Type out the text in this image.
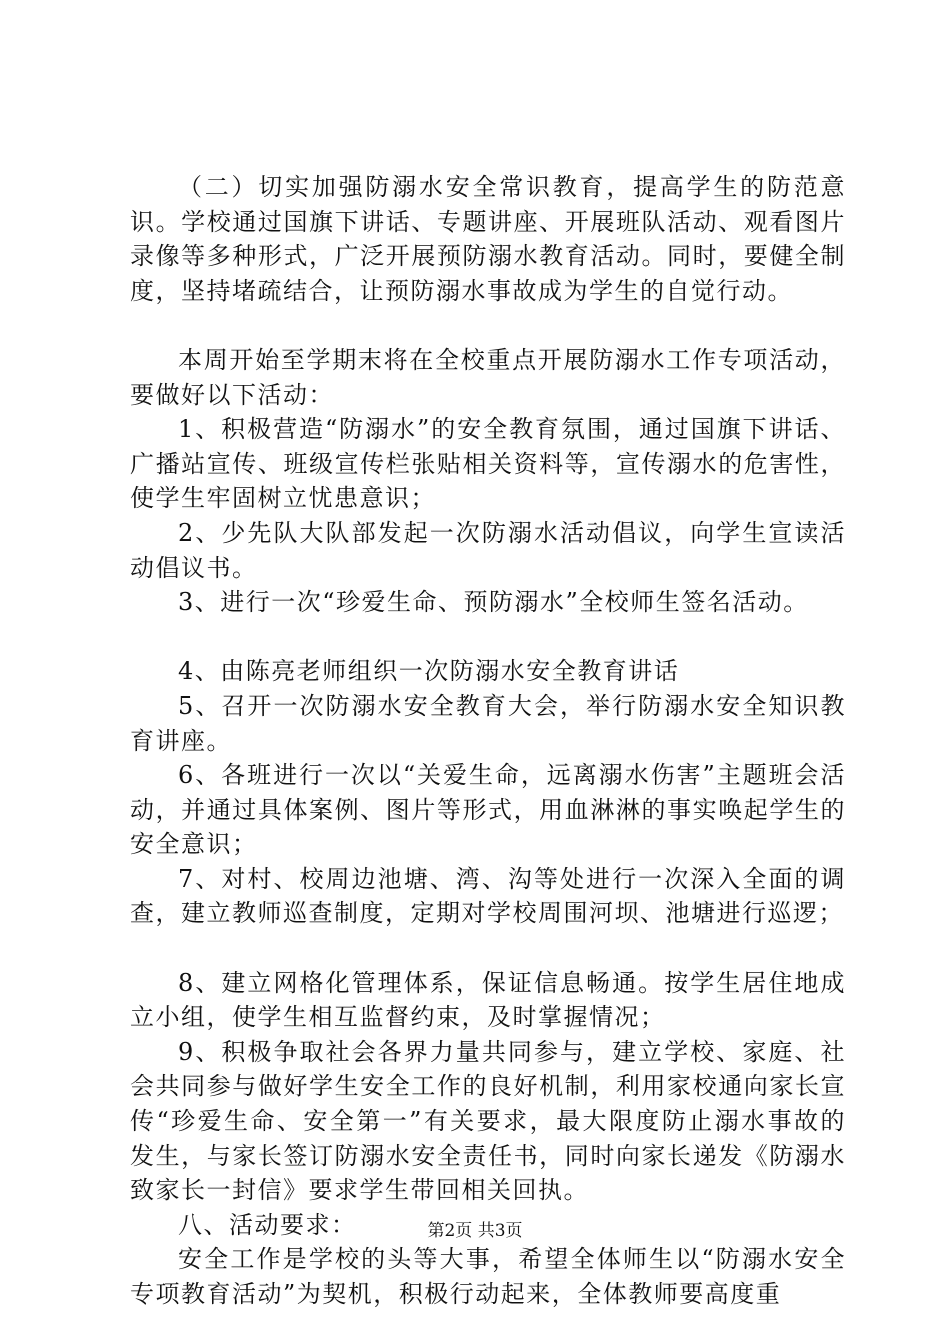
（二）切实加强防溺水安全常识教育，提高学生的防范意识。学校通过国旗下讲话、专题讲座、开展班队活动、观看图片录像等多种形式，广泛开展预防溺水教育活动。同时，要健全制度，坚持堵疏结合，让预防溺水事故成为学生的自觉行动。

本周开始至学期末将在全校重点开展防溺水工作专项活动，要做好以下活动：

1、积极营造“防溺水”的安全教育氛围，通过国旗下讲话、广播站宣传、班级宣传栏张贴相关资料等，宣传溺水的危害性，使学生牢固树立忧患意识；

2、少先队大队部发起一次防溺水活动倡议，向学生宣读活动倡议书。

3、进行一次“珍爱生命、预防溺水”全校师生签名活动。

4、由陈亮老师组织一次防溺水安全教育讲话

5、召开一次防溺水安全教育大会，举行防溺水安全知识教育讲座。

6、各班进行一次以“关爱生命，远离溺水伤害”主题班会活动，并通过具体案例、图片等形式，用血淋淋的事实唤起学生的安全意识；

7、对村、校周边池塘、湾、沟等处进行一次深入全面的调查，建立教师巡查制度，定期对学校周围河坝、池塘进行巡逻；

8、建立网格化管理体系，保证信息畅通。按学生居住地成立小组，使学生相互监督约束，及时掌握情况；

9、积极争取社会各界力量共同参与，建立学校、家庭、社会共同参与做好学生安全工作的良好机制，利用家校通向家长宣传“珍爱生命、安全第一”有关要求，最大限度防止溺水事故的发生，与家长签订防溺水安全责任书，同时向家长递发《防溺水致家长一封信》要求学生带回相关回执。

八、活动要求：

安全工作是学校的头等大事，希望全体师生以“防溺水安全专项教育活动”为契机，积极行动起来，全体教师要高度重

第2页 共3页
